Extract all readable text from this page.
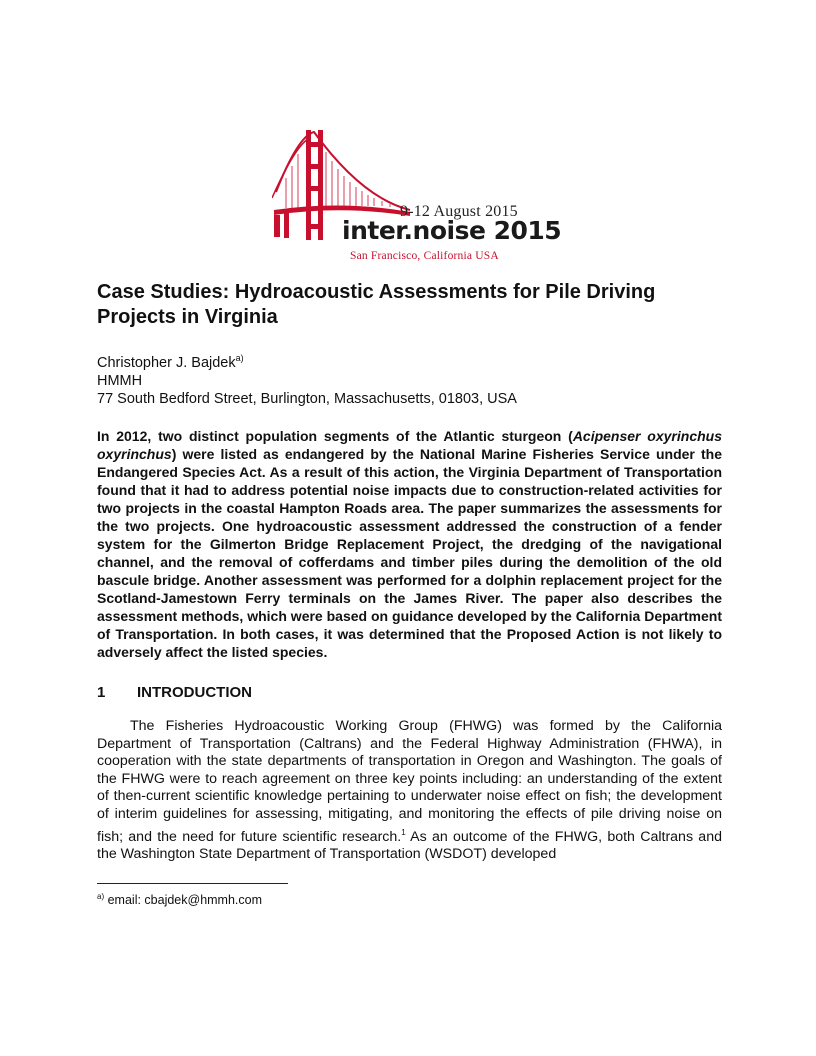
9-12 August 2015
inter.noise 2015
San Francisco, California USA
Case Studies: Hydroacoustic Assessments for Pile Driving Projects in Virginia
Christopher J. Bajdek$^{a)}$
HMMH
77 South Bedford Street, Burlington, Massachusetts, 01803, USA

In 2012, two distinct population segments of the Atlantic sturgeon (Acipenser oxyrinchus oxyrinchus) were listed as endangered by the National Marine Fisheries Service under the Endangered Species Act. As a result of this action, the Virginia Department of Transportation found that it had to address potential noise impacts due to construction-related activities for two projects in the coastal Hampton Roads area. The paper summarizes the assessments for the two projects. One hydroacoustic assessment addressed the construction of a fender system for the Gilmerton Bridge Replacement Project, the dredging of the navigational channel, and the removal of cofferdams and timber piles during the demolition of the old bascule bridge. Another assessment was performed for a dolphin replacement project for the Scotland-Jamestown Ferry terminals on the James River. The paper also describes the assessment methods, which were based on guidance developed by the California Department of Transportation. In both cases, it was determined that the Proposed Action is not likely to adversely affect the listed species.

1 INTRODUCTION

The Fisheries Hydroacoustic Working Group (FHWG) was formed by the California Department of Transportation (Caltrans) and the Federal Highway Administration (FHWA), in cooperation with the state departments of transportation in Oregon and Washington. The goals of the FHWG were to reach agreement on three key points including: an understanding of the extent of then-current scientific knowledge pertaining to underwater noise effect on fish; the development of interim guidelines for assessing, mitigating, and monitoring the effects of pile driving noise on fish; and the need for future scientific research.$^1$ As an outcome of the FHWG, both Caltrans and the Washington State Department of Transportation (WSDOT) developed

$^{a)}$ email: cbajdek@hmmh.com
